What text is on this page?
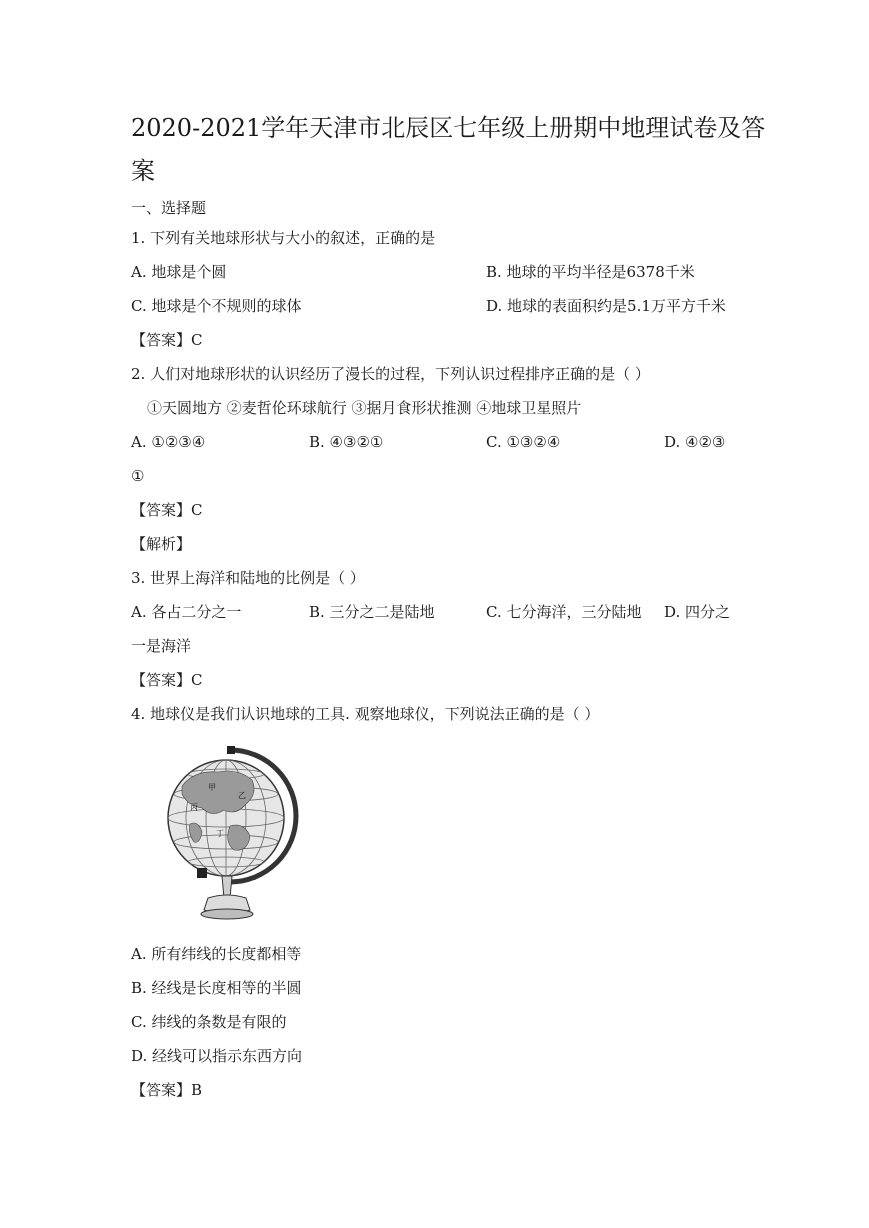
2020-2021学年天津市北辰区七年级上册期中地理试卷及答
案
一、选择题
1. 下列有关地球形状与大小的叙述，正确的是
A. 地球是个圆	B. 地球的平均半径是6378千米
C. 地球是个不规则的球体	D. 地球的表面积约是5.1万平方千米
【答案】C
2. 人们对地球形状的认识经历了漫长的过程，下列认识过程排序正确的是（ ）
①天圆地方 ②麦哲伦环球航行 ③据月食形状推测 ④地球卫星照片
A. ①②③④	B. ④③②①	C. ①③②④	D. ④②③
①
【答案】C
【解析】
3. 世界上海洋和陆地的比例是（ ）
A. 各占二分之一	B. 三分之二是陆地	C. 七分海洋，三分陆地 D. 四分之
一是海洋
【答案】C
4. 地球仪是我们认识地球的工具. 观察地球仪，下列说法正确的是（ ）
甲
乙
丙
丁
A. 所有纬线的长度都相等
B. 经线是长度相等的半圆
C. 纬线的条数是有限的
D. 经线可以指示东西方向
【答案】B
